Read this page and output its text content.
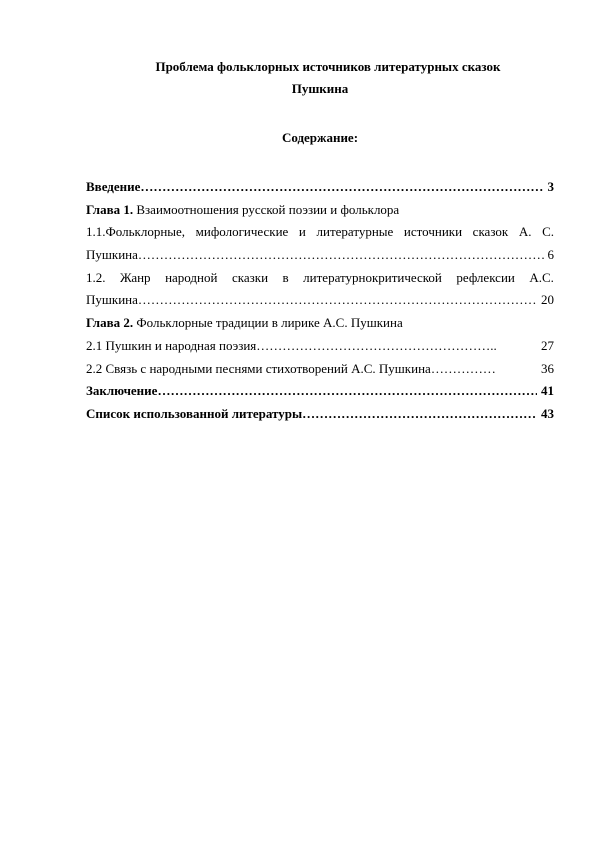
Проблема фольклорных источников литературных сказок
Пушкина
Содержание:
Введение ………………………………………………………………………………………………………………………………………………	3
Глава 1. Взаимоотношения русской поэзии и фольклора
1.1.Фольклорные, мифологические и литературные источники сказок А. С.
Пушкина ………………………………………………………………………………………………………………………………………………	6
1.2. Жанр народной сказки в литературнокритической рефлексии А.С.
Пушкина ………………………………………………………………………………………………………………………………………………	20
Глава 2. Фольклорные традиции в лирике А.С. Пушкина
2.1 Пушкин и народная поэзия ………………………………………………..	27
2.2 Связь с народными песнями стихотворений А.С. Пушкина ……………	36
Заключение ………………………………………………………………………………………………………………………………………………	41
Список использованной литературы ………………………………………………………………………………………………………………………………………………	43
